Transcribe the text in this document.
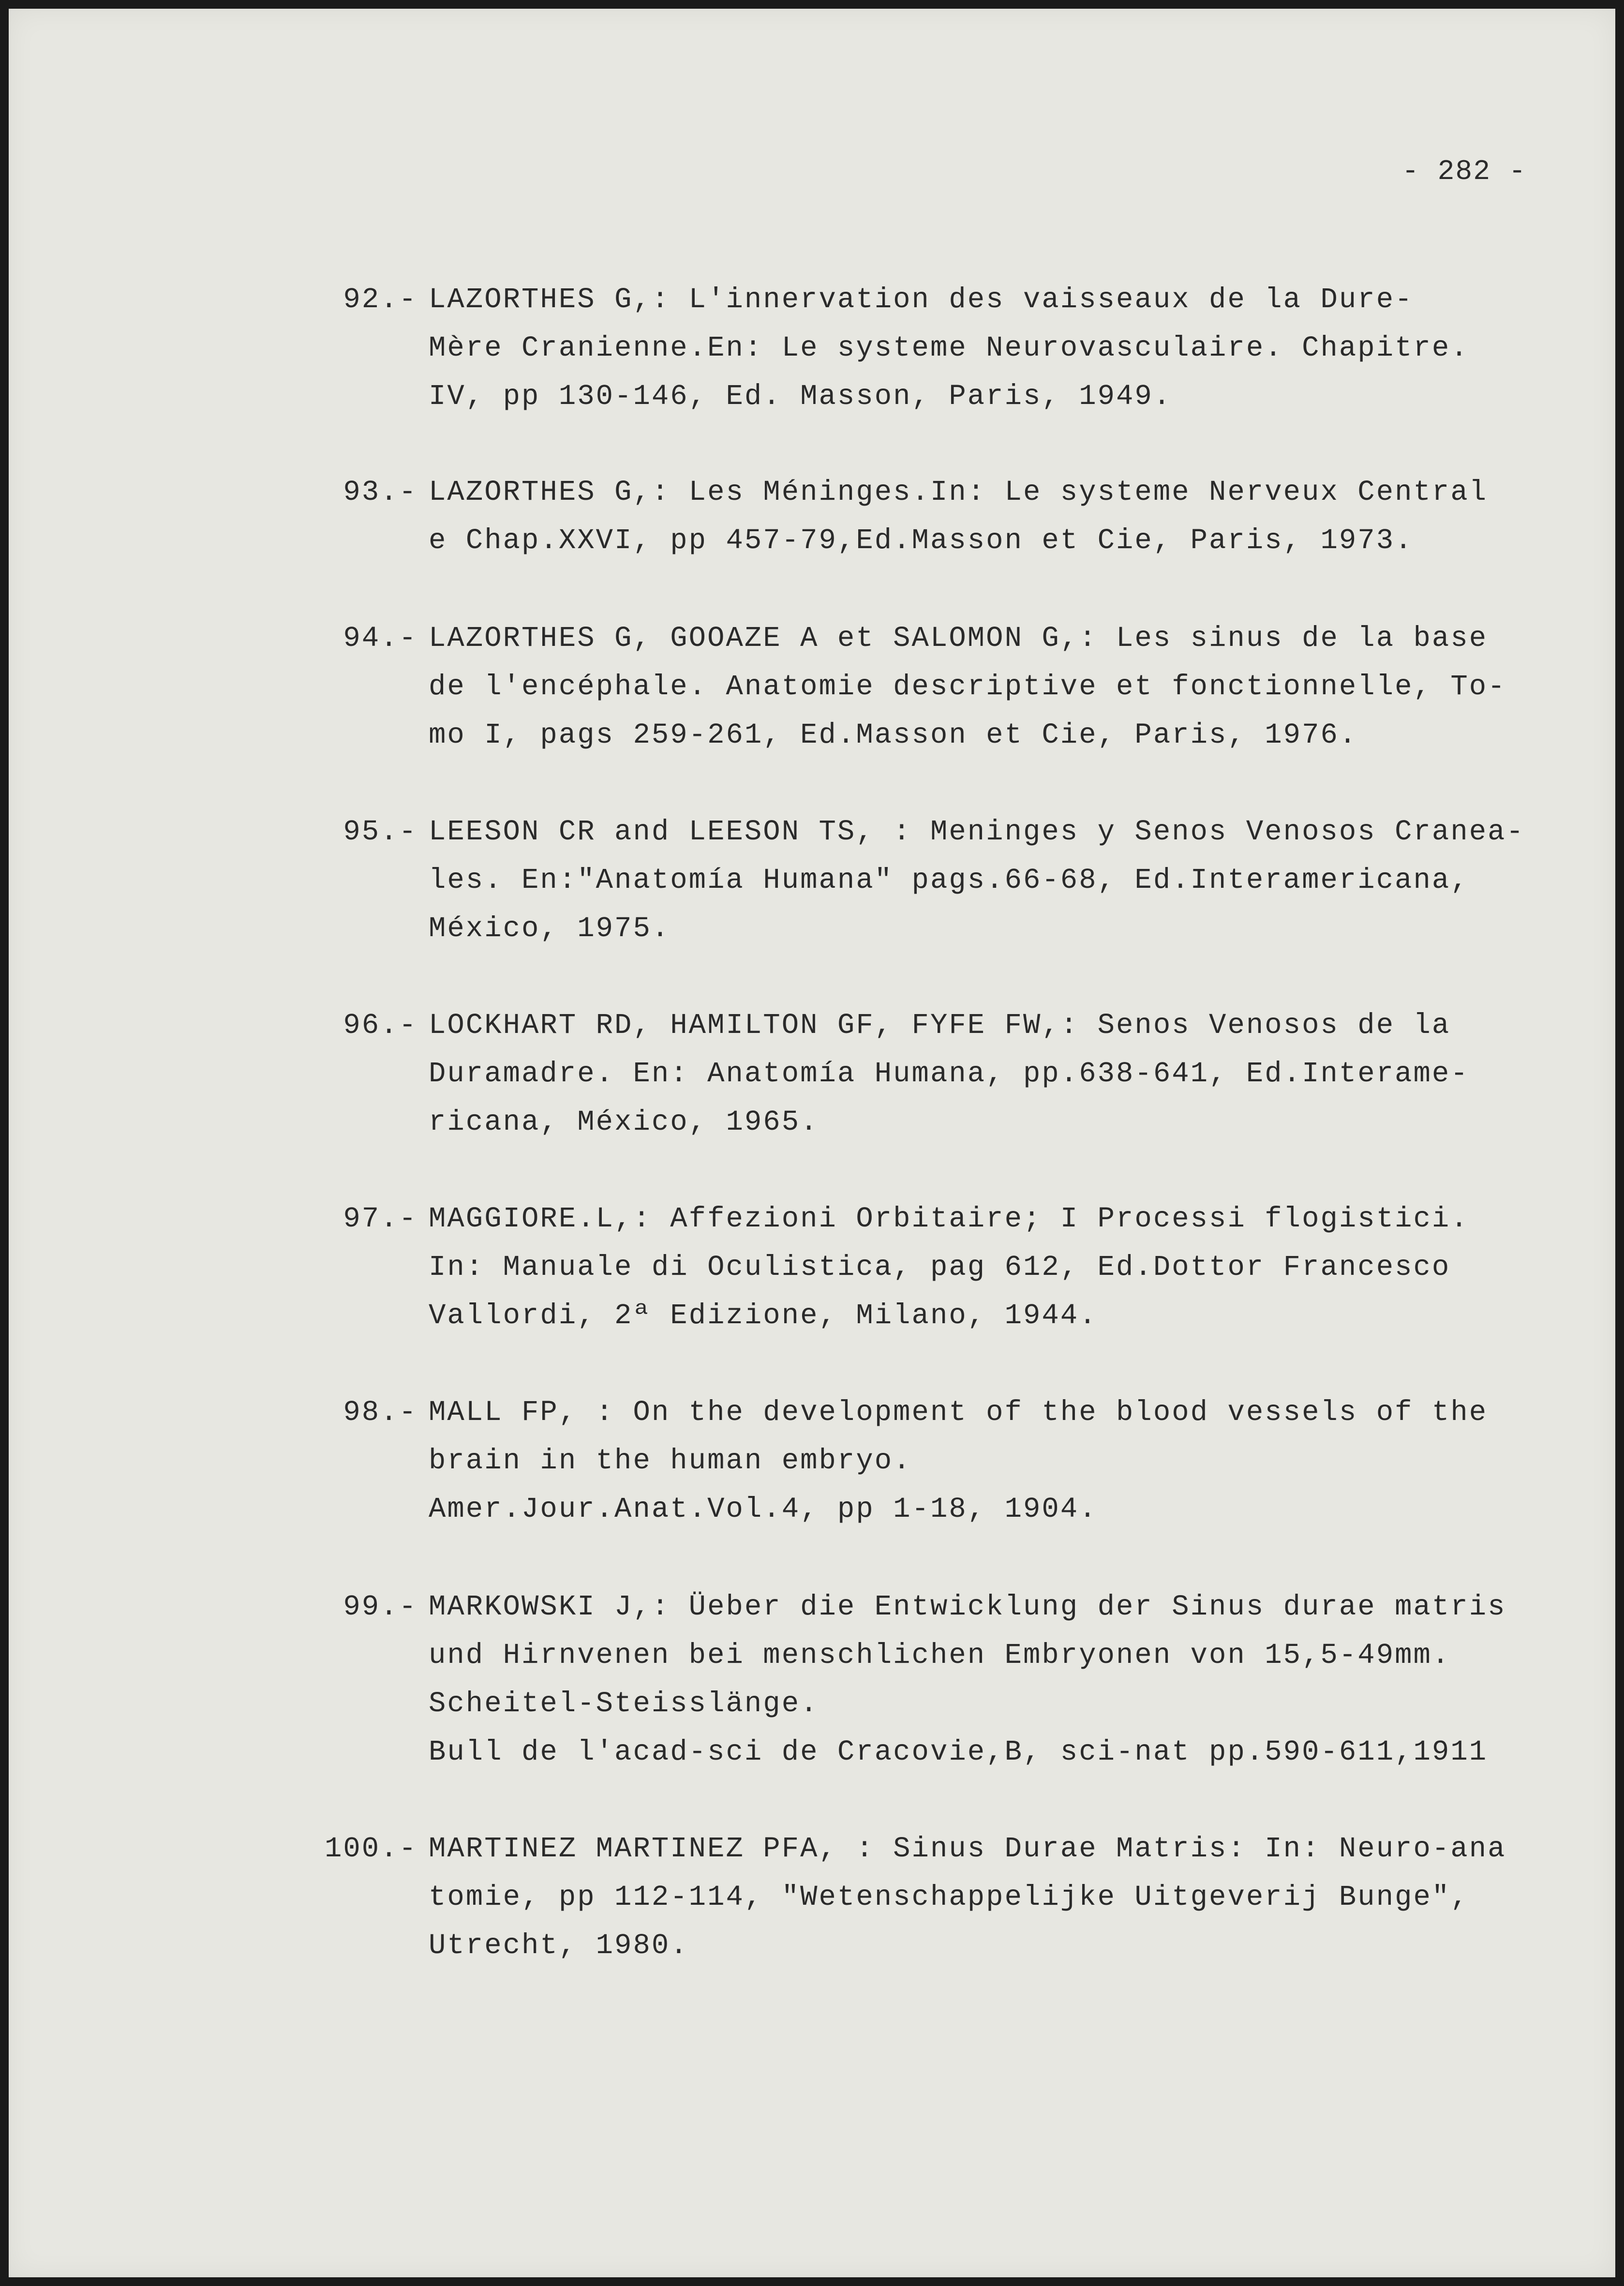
- 282 -
92.- LAZORTHES G,: L'innervation des vaisseaux de la Dure-
Mère Cranienne.En: Le systeme Neurovasculaire. Chapitre.
IV, pp 130-146, Ed. Masson, Paris, 1949.
93.- LAZORTHES G,: Les Méninges.In: Le systeme Nerveux Central
e Chap.XXVI, pp 457-79,Ed.Masson et Cie, Paris, 1973.
94.- LAZORTHES G, GOOAZE A et SALOMON G,: Les sinus de la base
de l'encéphale. Anatomie descriptive et fonctionnelle, To-
mo I, pags 259-261, Ed.Masson et Cie, Paris, 1976.
95.- LEESON CR and LEESON TS, : Meninges y Senos Venosos Cranea-
les. En:"Anatomía Humana" pags.66-68, Ed.Interamericana,
México, 1975.
96.- LOCKHART RD, HAMILTON GF, FYFE FW,: Senos Venosos de la
Duramadre. En: Anatomía Humana, pp.638-641, Ed.Interame-
ricana, México, 1965.
97.- MAGGIORE.L,: Affezioni Orbitaire; I Processi flogistici.
In: Manuale di Oculistica, pag 612, Ed.Dottor Francesco
Vallordi, 2ª Edizione, Milano, 1944.
98.- MALL FP, : On the development of the blood vessels of the
brain in the human embryo.
Amer.Jour.Anat.Vol.4, pp 1-18, 1904.
99.- MARKOWSKI J,: Üeber die Entwicklung der Sinus durae matris
und Hirnvenen bei menschlichen Embryonen von 15,5-49mm.
Scheitel-Steisslänge.
Bull de l'acad-sci de Cracovie,B, sci-nat pp.590-611,1911
100.- MARTINEZ MARTINEZ PFA, : Sinus Durae Matris: In: Neuro-ana
tomie, pp 112-114, "Wetenschappelijke Uitgeverij Bunge",
Utrecht, 1980.
